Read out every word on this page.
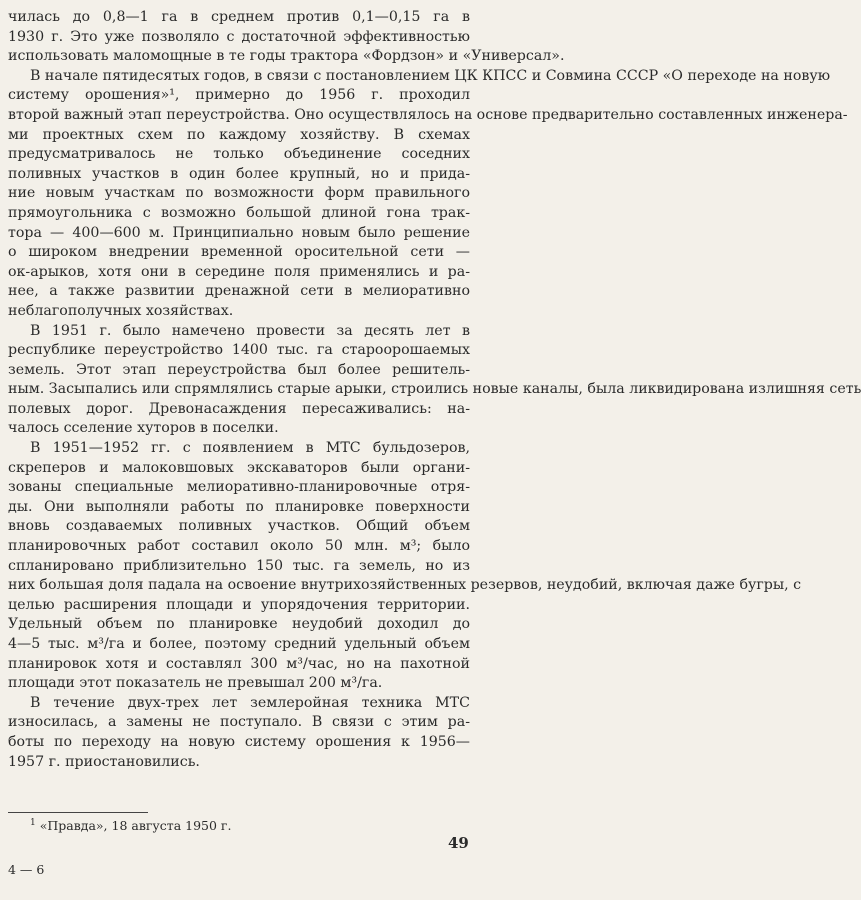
чилась до 0,8—1 га в среднем против 0,1—0,15 га в
1930 г. Это уже позволяло с достаточной эффективностью
использовать маломощные в те годы трактора «Фордзон» и «Универсал».
В начале пятидесятых годов, в связи с постановлением ЦК КПСС и Совмина СССР «О переходе на новую
систему орошения»¹, примерно до 1956 г. проходил
второй важный этап переустройства. Оно осуществлялось на основе предварительно составленных инженера-
ми проектных схем по каждому хозяйству. В схемах
предусматривалось не только объединение соседних
поливных участков в один более крупный, но и прида-
ние новым участкам по возможности форм правильного
прямоугольника с возможно большой длиной гона трак-
тора — 400—600 м. Принципиально новым было решение
о широком внедрении временной оросительной сети —
ок-арыков, хотя они в середине поля применялись и ра-
нее, а также развитии дренажной сети в мелиоративно
неблагополучных хозяйствах.
В 1951 г. было намечено провести за десять лет в
республике переустройство 1400 тыс. га староорошаемых
земель. Этот этап переустройства был более решитель-
ным. Засыпались или спрямлялись старые арыки, строились новые каналы, была ликвидирована излишняя сеть
полевых дорог. Древонасаждения пересаживались: на-
чалось сселение хуторов в поселки.
В 1951—1952 гг. с появлением в МТС бульдозеров,
скреперов и малоковшовых экскаваторов были органи-
зованы специальные мелиоративно-планировочные отря-
ды. Они выполняли работы по планировке поверхности
вновь создаваемых поливных участков. Общий объем
планировочных работ составил около 50 млн. м³; было
спланировано приблизительно 150 тыс. га земель, но из
них большая доля падала на освоение внутрихозяйственных резервов, неудобий, включая даже бугры, с
целью расширения площади и упорядочения территории.
Удельный объем по планировке неудобий доходил до
4—5 тыс. м³/га и более, поэтому средний удельный объем
планировок хотя и составлял 300 м³/час, но на пахотной
площади этот показатель не превышал 200 м³/га.
В течение двух-трех лет землеройная техника МТС
износилась, а замены не поступало. В связи с этим ра-
боты по переходу на новую систему орошения к 1956—
1957 г. приостановились.
$^1$ «Правда», 18 августа 1950 г.
49
4 — 6
